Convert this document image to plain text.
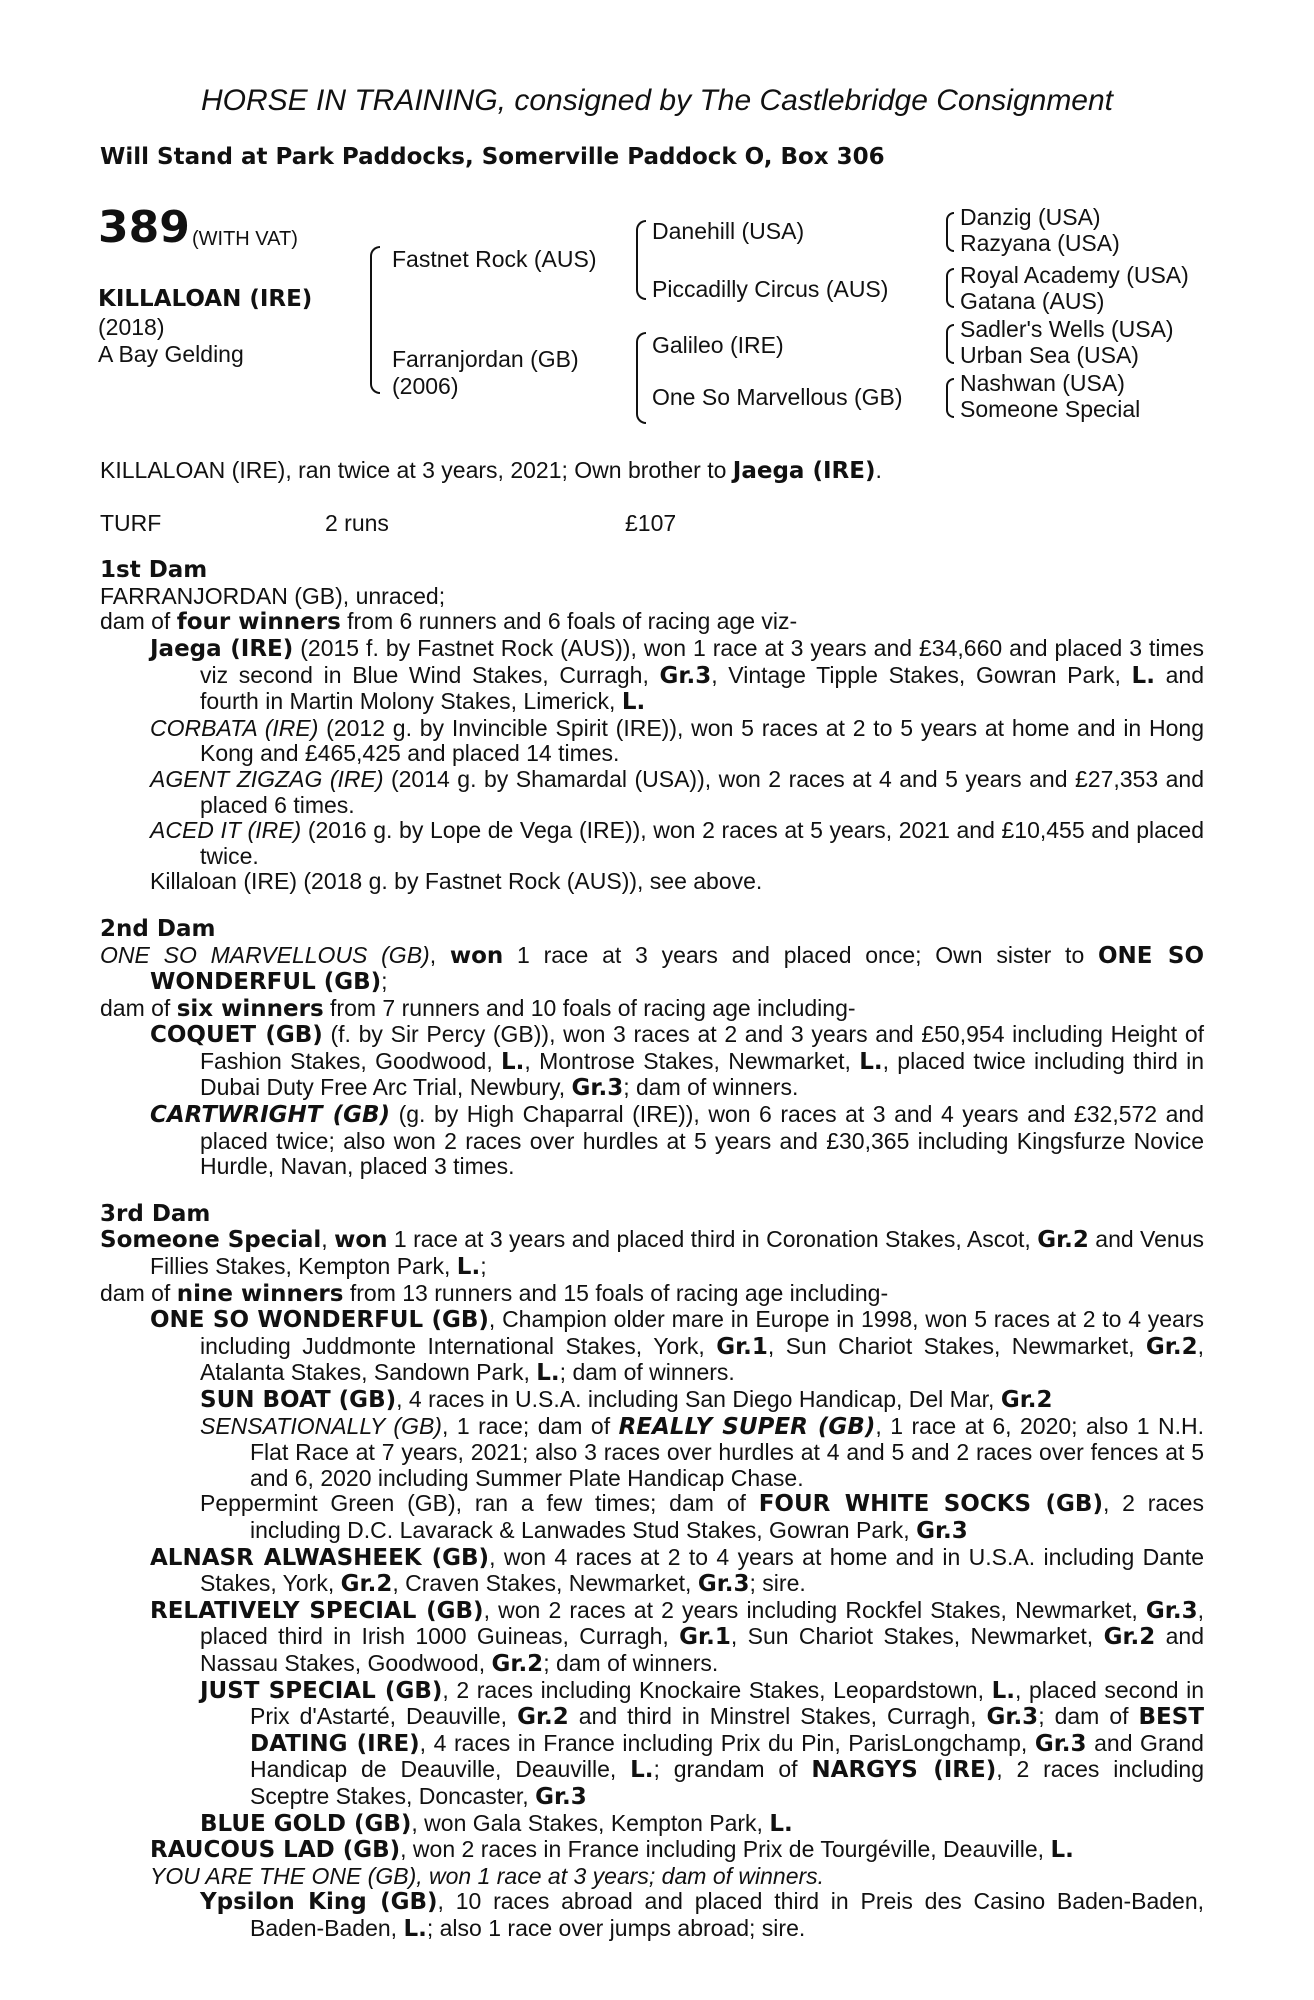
HORSE IN TRAINING, consigned by The Castlebridge Consignment
Will Stand at Park Paddocks, Somerville Paddock O, Box 306
389 (WITH VAT)
KILLALOAN (IRE)
(2018)
A Bay Gelding
Fastnet Rock (AUS)
Farranjordan (GB)
(2006)
Danehill (USA)
Piccadilly Circus (AUS)
Galileo (IRE)
One So Marvellous (GB)
Danzig (USA)
Razyana (USA)
Royal Academy (USA)
Gatana (AUS)
Sadler's Wells (USA)
Urban Sea (USA)
Nashwan (USA)
Someone Special

KILLALOAN (IRE), ran twice at 3 years, 2021; Own brother to Jaega (IRE).

TURF	2 runs	£107

1st Dam

FARRANJORDAN (GB), unraced;

dam of four winners from 6 runners and 6 foals of racing age viz-

Jaega (IRE) (2015 f. by Fastnet Rock (AUS)), won 1 race at 3 years and £34,660 and placed 3 times viz second in Blue Wind Stakes, Curragh, Gr.3, Vintage Tipple Stakes, Gowran Park, L. and fourth in Martin Molony Stakes, Limerick, L.

CORBATA (IRE) (2012 g. by Invincible Spirit (IRE)), won 5 races at 2 to 5 years at home and in Hong Kong and £465,425 and placed 14 times.

AGENT ZIGZAG (IRE) (2014 g. by Shamardal (USA)), won 2 races at 4 and 5 years and £27,353 and placed 6 times.

ACED IT (IRE) (2016 g. by Lope de Vega (IRE)), won 2 races at 5 years, 2021 and £10,455 and placed twice.

Killaloan (IRE) (2018 g. by Fastnet Rock (AUS)), see above.

2nd Dam

ONE SO MARVELLOUS (GB), won 1 race at 3 years and placed once; Own sister to ONE SO WONDERFUL (GB);

dam of six winners from 7 runners and 10 foals of racing age including-

COQUET (GB) (f. by Sir Percy (GB)), won 3 races at 2 and 3 years and £50,954 including Height of Fashion Stakes, Goodwood, L., Montrose Stakes, Newmarket, L., placed twice including third in Dubai Duty Free Arc Trial, Newbury, Gr.3; dam of winners.

CARTWRIGHT (GB) (g. by High Chaparral (IRE)), won 6 races at 3 and 4 years and £32,572 and placed twice; also won 2 races over hurdles at 5 years and £30,365 including Kingsfurze Novice Hurdle, Navan, placed 3 times.

3rd Dam

Someone Special, won 1 race at 3 years and placed third in Coronation Stakes, Ascot, Gr.2 and Venus Fillies Stakes, Kempton Park, L.;

dam of nine winners from 13 runners and 15 foals of racing age including-

ONE SO WONDERFUL (GB), Champion older mare in Europe in 1998, won 5 races at 2 to 4 years including Juddmonte International Stakes, York, Gr.1, Sun Chariot Stakes, Newmarket, Gr.2, Atalanta Stakes, Sandown Park, L.; dam of winners.

SUN BOAT (GB), 4 races in U.S.A. including San Diego Handicap, Del Mar, Gr.2

SENSATIONALLY (GB), 1 race; dam of REALLY SUPER (GB), 1 race at 6, 2020; also 1 N.H. Flat Race at 7 years, 2021; also 3 races over hurdles at 4 and 5 and 2 races over fences at 5 and 6, 2020 including Summer Plate Handicap Chase.

Peppermint Green (GB), ran a few times; dam of FOUR WHITE SOCKS (GB), 2 races including D.C. Lavarack & Lanwades Stud Stakes, Gowran Park, Gr.3

ALNASR ALWASHEEK (GB), won 4 races at 2 to 4 years at home and in U.S.A. including Dante Stakes, York, Gr.2, Craven Stakes, Newmarket, Gr.3; sire.

RELATIVELY SPECIAL (GB), won 2 races at 2 years including Rockfel Stakes, Newmarket, Gr.3, placed third in Irish 1000 Guineas, Curragh, Gr.1, Sun Chariot Stakes, Newmarket, Gr.2 and Nassau Stakes, Goodwood, Gr.2; dam of winners.

JUST SPECIAL (GB), 2 races including Knockaire Stakes, Leopardstown, L., placed second in Prix d'Astarté, Deauville, Gr.2 and third in Minstrel Stakes, Curragh, Gr.3; dam of BEST DATING (IRE), 4 races in France including Prix du Pin, ParisLongchamp, Gr.3 and Grand Handicap de Deauville, Deauville, L.; grandam of NARGYS (IRE), 2 races including Sceptre Stakes, Doncaster, Gr.3

BLUE GOLD (GB), won Gala Stakes, Kempton Park, L.

RAUCOUS LAD (GB), won 2 races in France including Prix de Tourgéville, Deauville, L.

YOU ARE THE ONE (GB), won 1 race at 3 years; dam of winners.

Ypsilon King (GB), 10 races abroad and placed third in Preis des Casino Baden-Baden, Baden-Baden, L.; also 1 race over jumps abroad; sire.
